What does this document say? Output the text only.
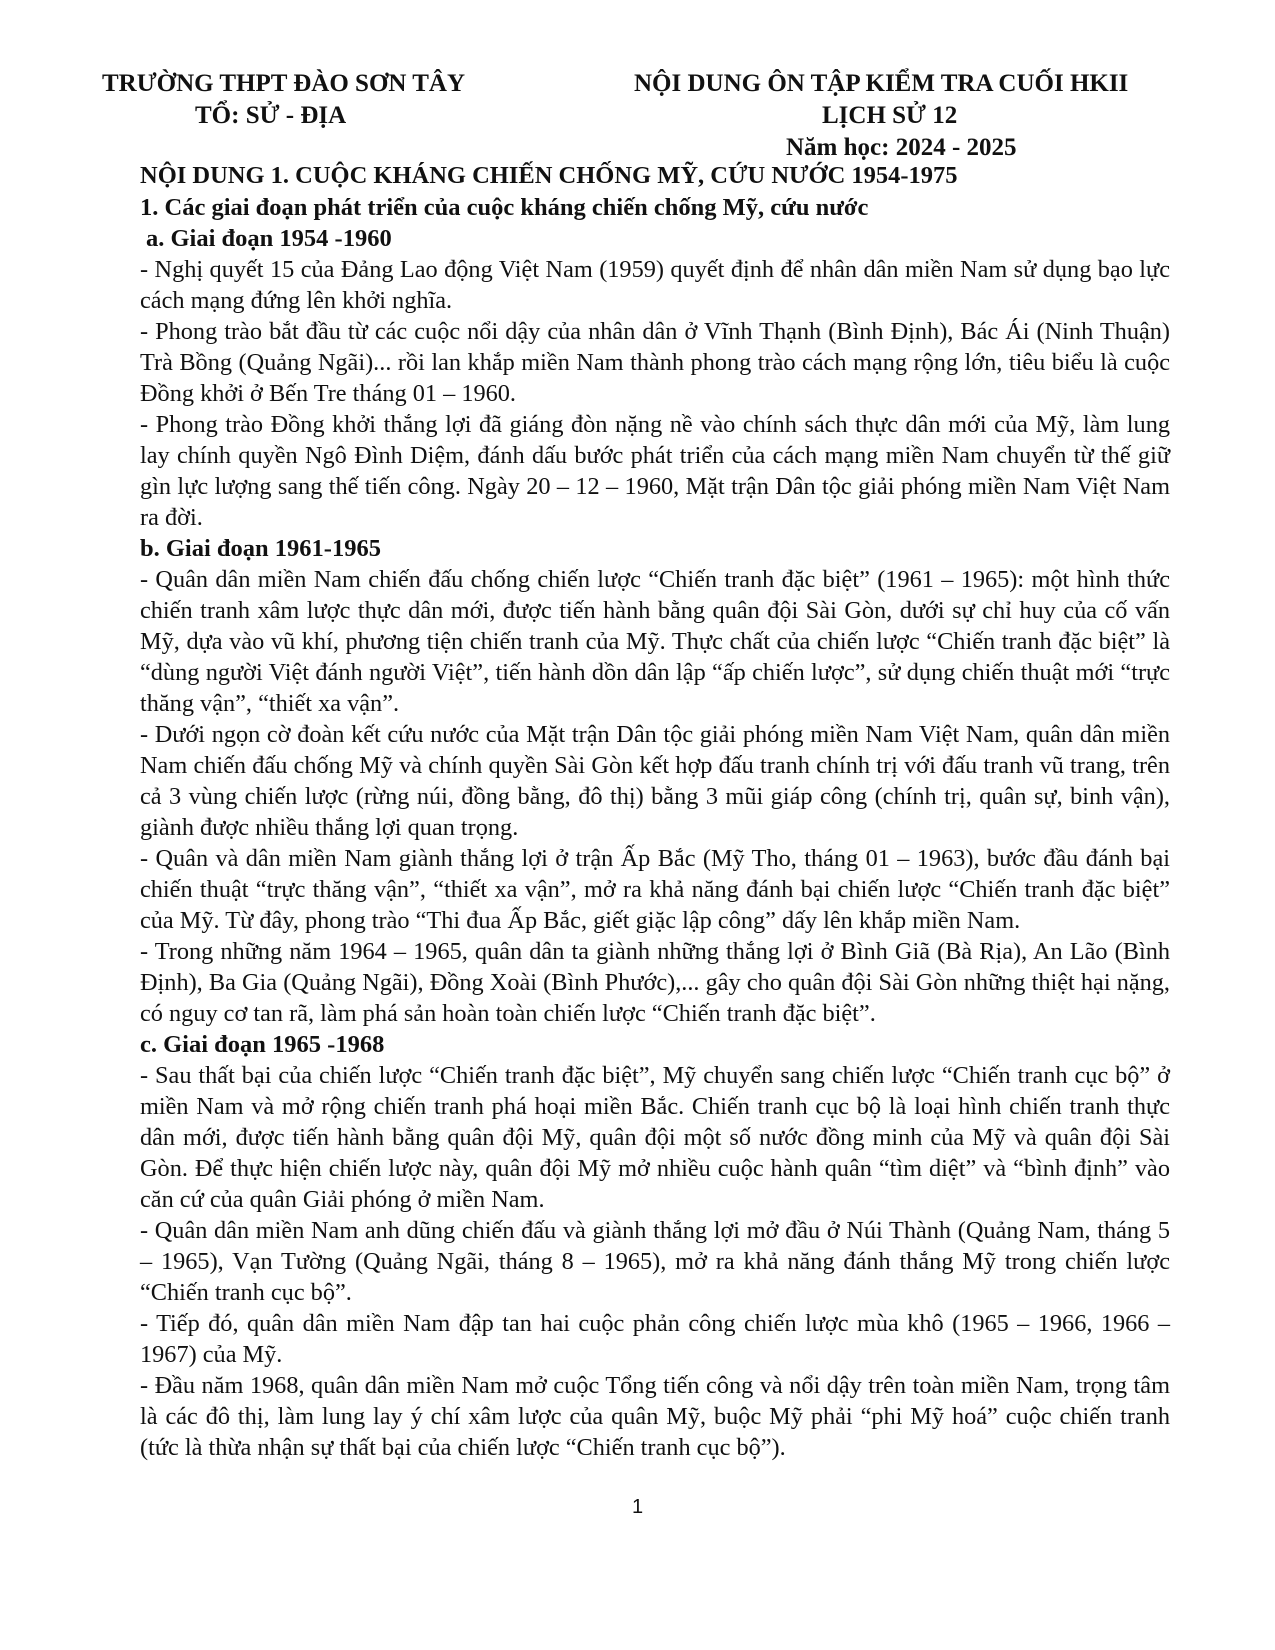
TRƯỜNG THPT ĐÀO SƠN TÂY
TỔ: SỬ - ĐỊA
NỘI DUNG ÔN TẬP KIỂM TRA CUỐI HKII
LỊCH SỬ 12
Năm học: 2024 - 2025

NỘI DUNG 1. CUỘC KHÁNG CHIẾN CHỐNG MỸ, CỨU NƯỚC 1954-1975

1. Các giai đoạn phát triển của cuộc kháng chiến chống Mỹ, cứu nước

a. Giai đoạn 1954 -1960

- Nghị quyết 15 của Đảng Lao động Việt Nam (1959) quyết định để nhân dân miền Nam sử dụng bạo lực cách mạng đứng lên khởi nghĩa.

- Phong trào bắt đầu từ các cuộc nổi dậy của nhân dân ở Vĩnh Thạnh (Bình Định), Bác Ái (Ninh Thuận) Trà Bồng (Quảng Ngãi)... rồi lan khắp miền Nam thành phong trào cách mạng rộng lớn, tiêu biểu là cuộc Đồng khởi ở Bến Tre tháng 01 – 1960.

- Phong trào Đồng khởi thắng lợi đã giáng đòn nặng nề vào chính sách thực dân mới của Mỹ, làm lung lay chính quyền Ngô Đình Diệm, đánh dấu bước phát triển của cách mạng miền Nam chuyển từ thế giữ gìn lực lượng sang thế tiến công. Ngày 20 – 12 – 1960, Mặt trận Dân tộc giải phóng miền Nam Việt Nam ra đời.

b. Giai đoạn 1961-1965

- Quân dân miền Nam chiến đấu chống chiến lược “Chiến tranh đặc biệt” (1961 – 1965): một hình thức chiến tranh xâm lược thực dân mới, được tiến hành bằng quân đội Sài Gòn, dưới sự chỉ huy của cố vấn Mỹ, dựa vào vũ khí, phương tiện chiến tranh của Mỹ. Thực chất của chiến lược “Chiến tranh đặc biệt” là “dùng người Việt đánh người Việt”, tiến hành dồn dân lập “ấp chiến lược”, sử dụng chiến thuật mới “trực thăng vận”, “thiết xa vận”.

- Dưới ngọn cờ đoàn kết cứu nước của Mặt trận Dân tộc giải phóng miền Nam Việt Nam, quân dân miền Nam chiến đấu chống Mỹ và chính quyền Sài Gòn kết hợp đấu tranh chính trị với đấu tranh vũ trang, trên cả 3 vùng chiến lược (rừng núi, đồng bằng, đô thị) bằng 3 mũi giáp công (chính trị, quân sự, binh vận), giành được nhiều thắng lợi quan trọng.

- Quân và dân miền Nam giành thắng lợi ở trận Ấp Bắc (Mỹ Tho, tháng 01 – 1963), bước đầu đánh bại chiến thuật “trực thăng vận”, “thiết xa vận”, mở ra khả năng đánh bại chiến lược “Chiến tranh đặc biệt” của Mỹ. Từ đây, phong trào “Thi đua Ấp Bắc, giết giặc lập công” dấy lên khắp miền Nam.

- Trong những năm 1964 – 1965, quân dân ta giành những thắng lợi ở Bình Giã (Bà Rịa), An Lão (Bình Định), Ba Gia (Quảng Ngãi), Đồng Xoài (Bình Phước),... gây cho quân đội Sài Gòn những thiệt hại nặng, có nguy cơ tan rã, làm phá sản hoàn toàn chiến lược “Chiến tranh đặc biệt”.

c. Giai đoạn 1965 -1968

- Sau thất bại của chiến lược “Chiến tranh đặc biệt”, Mỹ chuyển sang chiến lược “Chiến tranh cục bộ” ở miền Nam và mở rộng chiến tranh phá hoại miền Bắc. Chiến tranh cục bộ là loại hình chiến tranh thực dân mới, được tiến hành bằng quân đội Mỹ, quân đội một số nước đồng minh của Mỹ và quân đội Sài Gòn. Để thực hiện chiến lược này, quân đội Mỹ mở nhiều cuộc hành quân “tìm diệt” và “bình định” vào căn cứ của quân Giải phóng ở miền Nam.

- Quân dân miền Nam anh dũng chiến đấu và giành thắng lợi mở đầu ở Núi Thành (Quảng Nam, tháng 5 – 1965), Vạn Tường (Quảng Ngãi, tháng 8 – 1965), mở ra khả năng đánh thắng Mỹ trong chiến lược “Chiến tranh cục bộ”.

- Tiếp đó, quân dân miền Nam đập tan hai cuộc phản công chiến lược mùa khô (1965 – 1966, 1966 – 1967) của Mỹ.

- Đầu năm 1968, quân dân miền Nam mở cuộc Tổng tiến công và nổi dậy trên toàn miền Nam, trọng tâm là các đô thị, làm lung lay ý chí xâm lược của quân Mỹ, buộc Mỹ phải “phi Mỹ hoá” cuộc chiến tranh (tức là thừa nhận sự thất bại của chiến lược “Chiến tranh cục bộ”).

1
